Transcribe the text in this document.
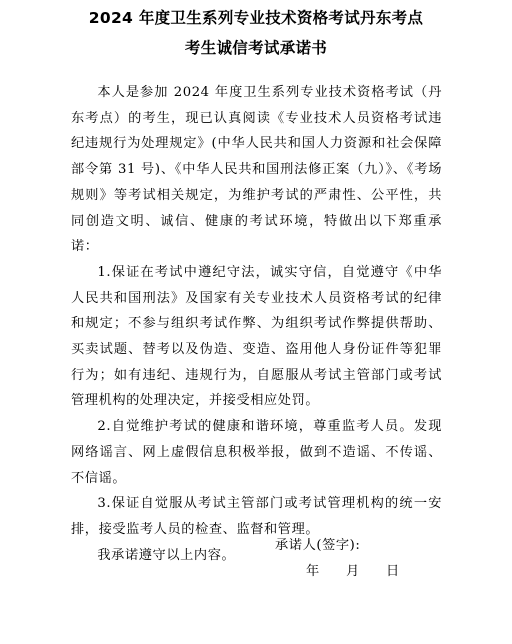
2024 年度卫生系列专业技术资格考试丹东考点
考生诚信考试承诺书

本人是参加 2024 年度卫生系列专业技术资格考试（丹东考点）的考生，现已认真阅读《专业技术人员资格考试违纪违规行为处理规定》(中华人民共和国人力资源和社会保障部令第 31 号)、《中华人民共和国刑法修正案（九）》、《考场规则》等考试相关规定，为维护考试的严肃性、公平性，共同创造文明、诚信、健康的考试环境，特做出以下郑重承诺：

1.保证在考试中遵纪守法，诚实守信，自觉遵守《中华人民共和国刑法》及国家有关专业技术人员资格考试的纪律和规定；不参与组织考试作弊、为组织考试作弊提供帮助、买卖试题、替考以及伪造、变造、盗用他人身份证件等犯罪行为；如有违纪、违规行为，自愿服从考试主管部门或考试管理机构的处理决定，并接受相应处罚。

2.自觉维护考试的健康和谐环境，尊重监考人员。发现网络谣言、网上虚假信息积极举报，做到不造谣、不传谣、不信谣。

3.保证自觉服从考试主管部门或考试管理机构的统一安排，接受监考人员的检查、监督和管理。

我承诺遵守以上内容。

承诺人(签字):
年 月 日
